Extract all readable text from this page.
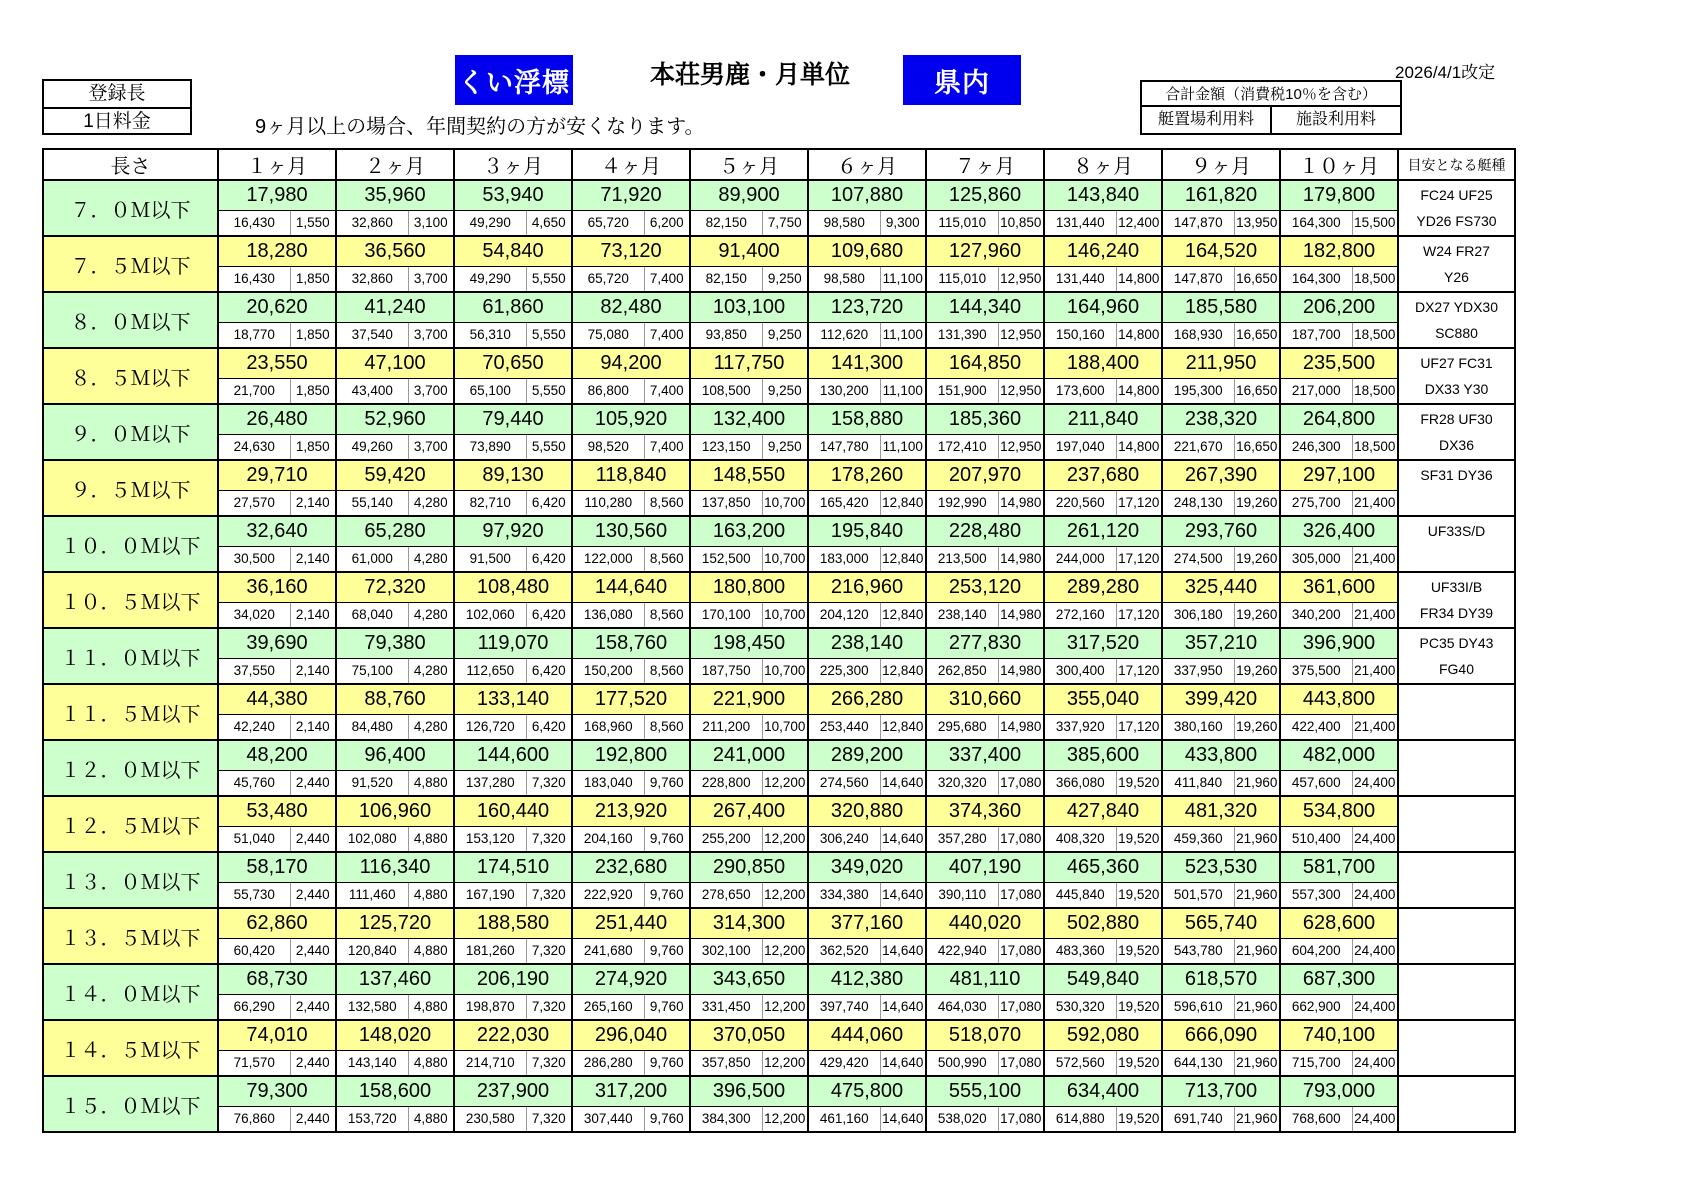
登録長
1日料金
くい浮標	本荘男鹿・月単位	県内	2026/4/1改定
合計金額（消費税10％を含む）
艇置場利用料	施設利用料
9ヶ月以上の場合、年間契約の方が安くなります。
長さ	１ヶ月		２ヶ月		３ヶ月		４ヶ月		５ヶ月		６ヶ月		７ヶ月		８ヶ月		９ヶ月		１０ヶ月		目安となる艇種
７．０Ｍ以下	17,980		35,960		53,940		71,920		89,900		107,880		125,860		143,840		161,820		179,800		FC24 UF25
YD26 FS730

	16,430	1,550	32,860	3,100	49,290	4,650	65,720	6,200	82,150	7,750	98,580	9,300	115,010	10,850	131,440	12,400	147,870	13,950	164,300	15,500	
７．５Ｍ以下	18,280		36,560		54,840		73,120		91,400		109,680		127,960		146,240		164,520		182,800		W24 FR27
Y26

	16,430	1,850	32,860	3,700	49,290	5,550	65,720	7,400	82,150	9,250	98,580	11,100	115,010	12,950	131,440	14,800	147,870	16,650	164,300	18,500	
８．０Ｍ以下	20,620		41,240		61,860		82,480		103,100		123,720		144,340		164,960		185,580		206,200		DX27 YDX30
SC880

	18,770	1,850	37,540	3,700	56,310	5,550	75,080	7,400	93,850	9,250	112,620	11,100	131,390	12,950	150,160	14,800	168,930	16,650	187,700	18,500	
８．５Ｍ以下	23,550		47,100		70,650		94,200		117,750		141,300		164,850		188,400		211,950		235,500		UF27 FC31
DX33 Y30

	21,700	1,850	43,400	3,700	65,100	5,550	86,800	7,400	108,500	9,250	130,200	11,100	151,900	12,950	173,600	14,800	195,300	16,650	217,000	18,500	
９．０Ｍ以下	26,480		52,960		79,440		105,920		132,400		158,880		185,360		211,840		238,320		264,800		FR28 UF30
DX36

	24,630	1,850	49,260	3,700	73,890	5,550	98,520	7,400	123,150	9,250	147,780	11,100	172,410	12,950	197,040	14,800	221,670	16,650	246,300	18,500	
９．５Ｍ以下	29,710		59,420		89,130		118,840		148,550		178,260		207,970		237,680		267,390		297,100		SF31 DY36

	27,570	2,140	55,140	4,280	82,710	6,420	110,280	8,560	137,850	10,700	165,420	12,840	192,990	14,980	220,560	17,120	248,130	19,260	275,700	21,400	
１０．０Ｍ以下	32,640		65,280		97,920		130,560		163,200		195,840		228,480		261,120		293,760		326,400		UF33S/D

	30,500	2,140	61,000	4,280	91,500	6,420	122,000	8,560	152,500	10,700	183,000	12,840	213,500	14,980	244,000	17,120	274,500	19,260	305,000	21,400	
１０．５Ｍ以下	36,160		72,320		108,480		144,640		180,800		216,960		253,120		289,280		325,440		361,600		UF33I/B
FR34 DY39

	34,020	2,140	68,040	4,280	102,060	6,420	136,080	8,560	170,100	10,700	204,120	12,840	238,140	14,980	272,160	17,120	306,180	19,260	340,200	21,400	
１１．０Ｍ以下	39,690		79,380		119,070		158,760		198,450		238,140		277,830		317,520		357,210		396,900		PC35 DY43
FG40

	37,550	2,140	75,100	4,280	112,650	6,420	150,200	8,560	187,750	10,700	225,300	12,840	262,850	14,980	300,400	17,120	337,950	19,260	375,500	21,400	
１１．５Ｍ以下	44,380		88,760		133,140		177,520		221,900		266,280		310,660		355,040		399,420		443,800		

	42,240	2,140	84,480	4,280	126,720	6,420	168,960	8,560	211,200	10,700	253,440	12,840	295,680	14,980	337,920	17,120	380,160	19,260	422,400	21,400	
１２．０Ｍ以下	48,200		96,400		144,600		192,800		241,000		289,200		337,400		385,600		433,800		482,000		

	45,760	2,440	91,520	4,880	137,280	7,320	183,040	9,760	228,800	12,200	274,560	14,640	320,320	17,080	366,080	19,520	411,840	21,960	457,600	24,400	
１２．５Ｍ以下	53,480		106,960		160,440		213,920		267,400		320,880		374,360		427,840		481,320		534,800		

	51,040	2,440	102,080	4,880	153,120	7,320	204,160	9,760	255,200	12,200	306,240	14,640	357,280	17,080	408,320	19,520	459,360	21,960	510,400	24,400	
１３．０Ｍ以下	58,170		116,340		174,510		232,680		290,850		349,020		407,190		465,360		523,530		581,700		

	55,730	2,440	111,460	4,880	167,190	7,320	222,920	9,760	278,650	12,200	334,380	14,640	390,110	17,080	445,840	19,520	501,570	21,960	557,300	24,400	
１３．５Ｍ以下	62,860		125,720		188,580		251,440		314,300		377,160		440,020		502,880		565,740		628,600		

	60,420	2,440	120,840	4,880	181,260	7,320	241,680	9,760	302,100	12,200	362,520	14,640	422,940	17,080	483,360	19,520	543,780	21,960	604,200	24,400	
１４．０Ｍ以下	68,730		137,460		206,190		274,920		343,650		412,380		481,110		549,840		618,570		687,300		

	66,290	2,440	132,580	4,880	198,870	7,320	265,160	9,760	331,450	12,200	397,740	14,640	464,030	17,080	530,320	19,520	596,610	21,960	662,900	24,400	
１４．５Ｍ以下	74,010		148,020		222,030		296,040		370,050		444,060		518,070		592,080		666,090		740,100		

	71,570	2,440	143,140	4,880	214,710	7,320	286,280	9,760	357,850	12,200	429,420	14,640	500,990	17,080	572,560	19,520	644,130	21,960	715,700	24,400	
１５．０Ｍ以下	79,300		158,600		237,900		317,200		396,500		475,800		555,100		634,400		713,700		793,000		

	76,860	2,440	153,720	4,880	230,580	7,320	307,440	9,760	384,300	12,200	461,160	14,640	538,020	17,080	614,880	19,520	691,740	21,960	768,600	24,400	
